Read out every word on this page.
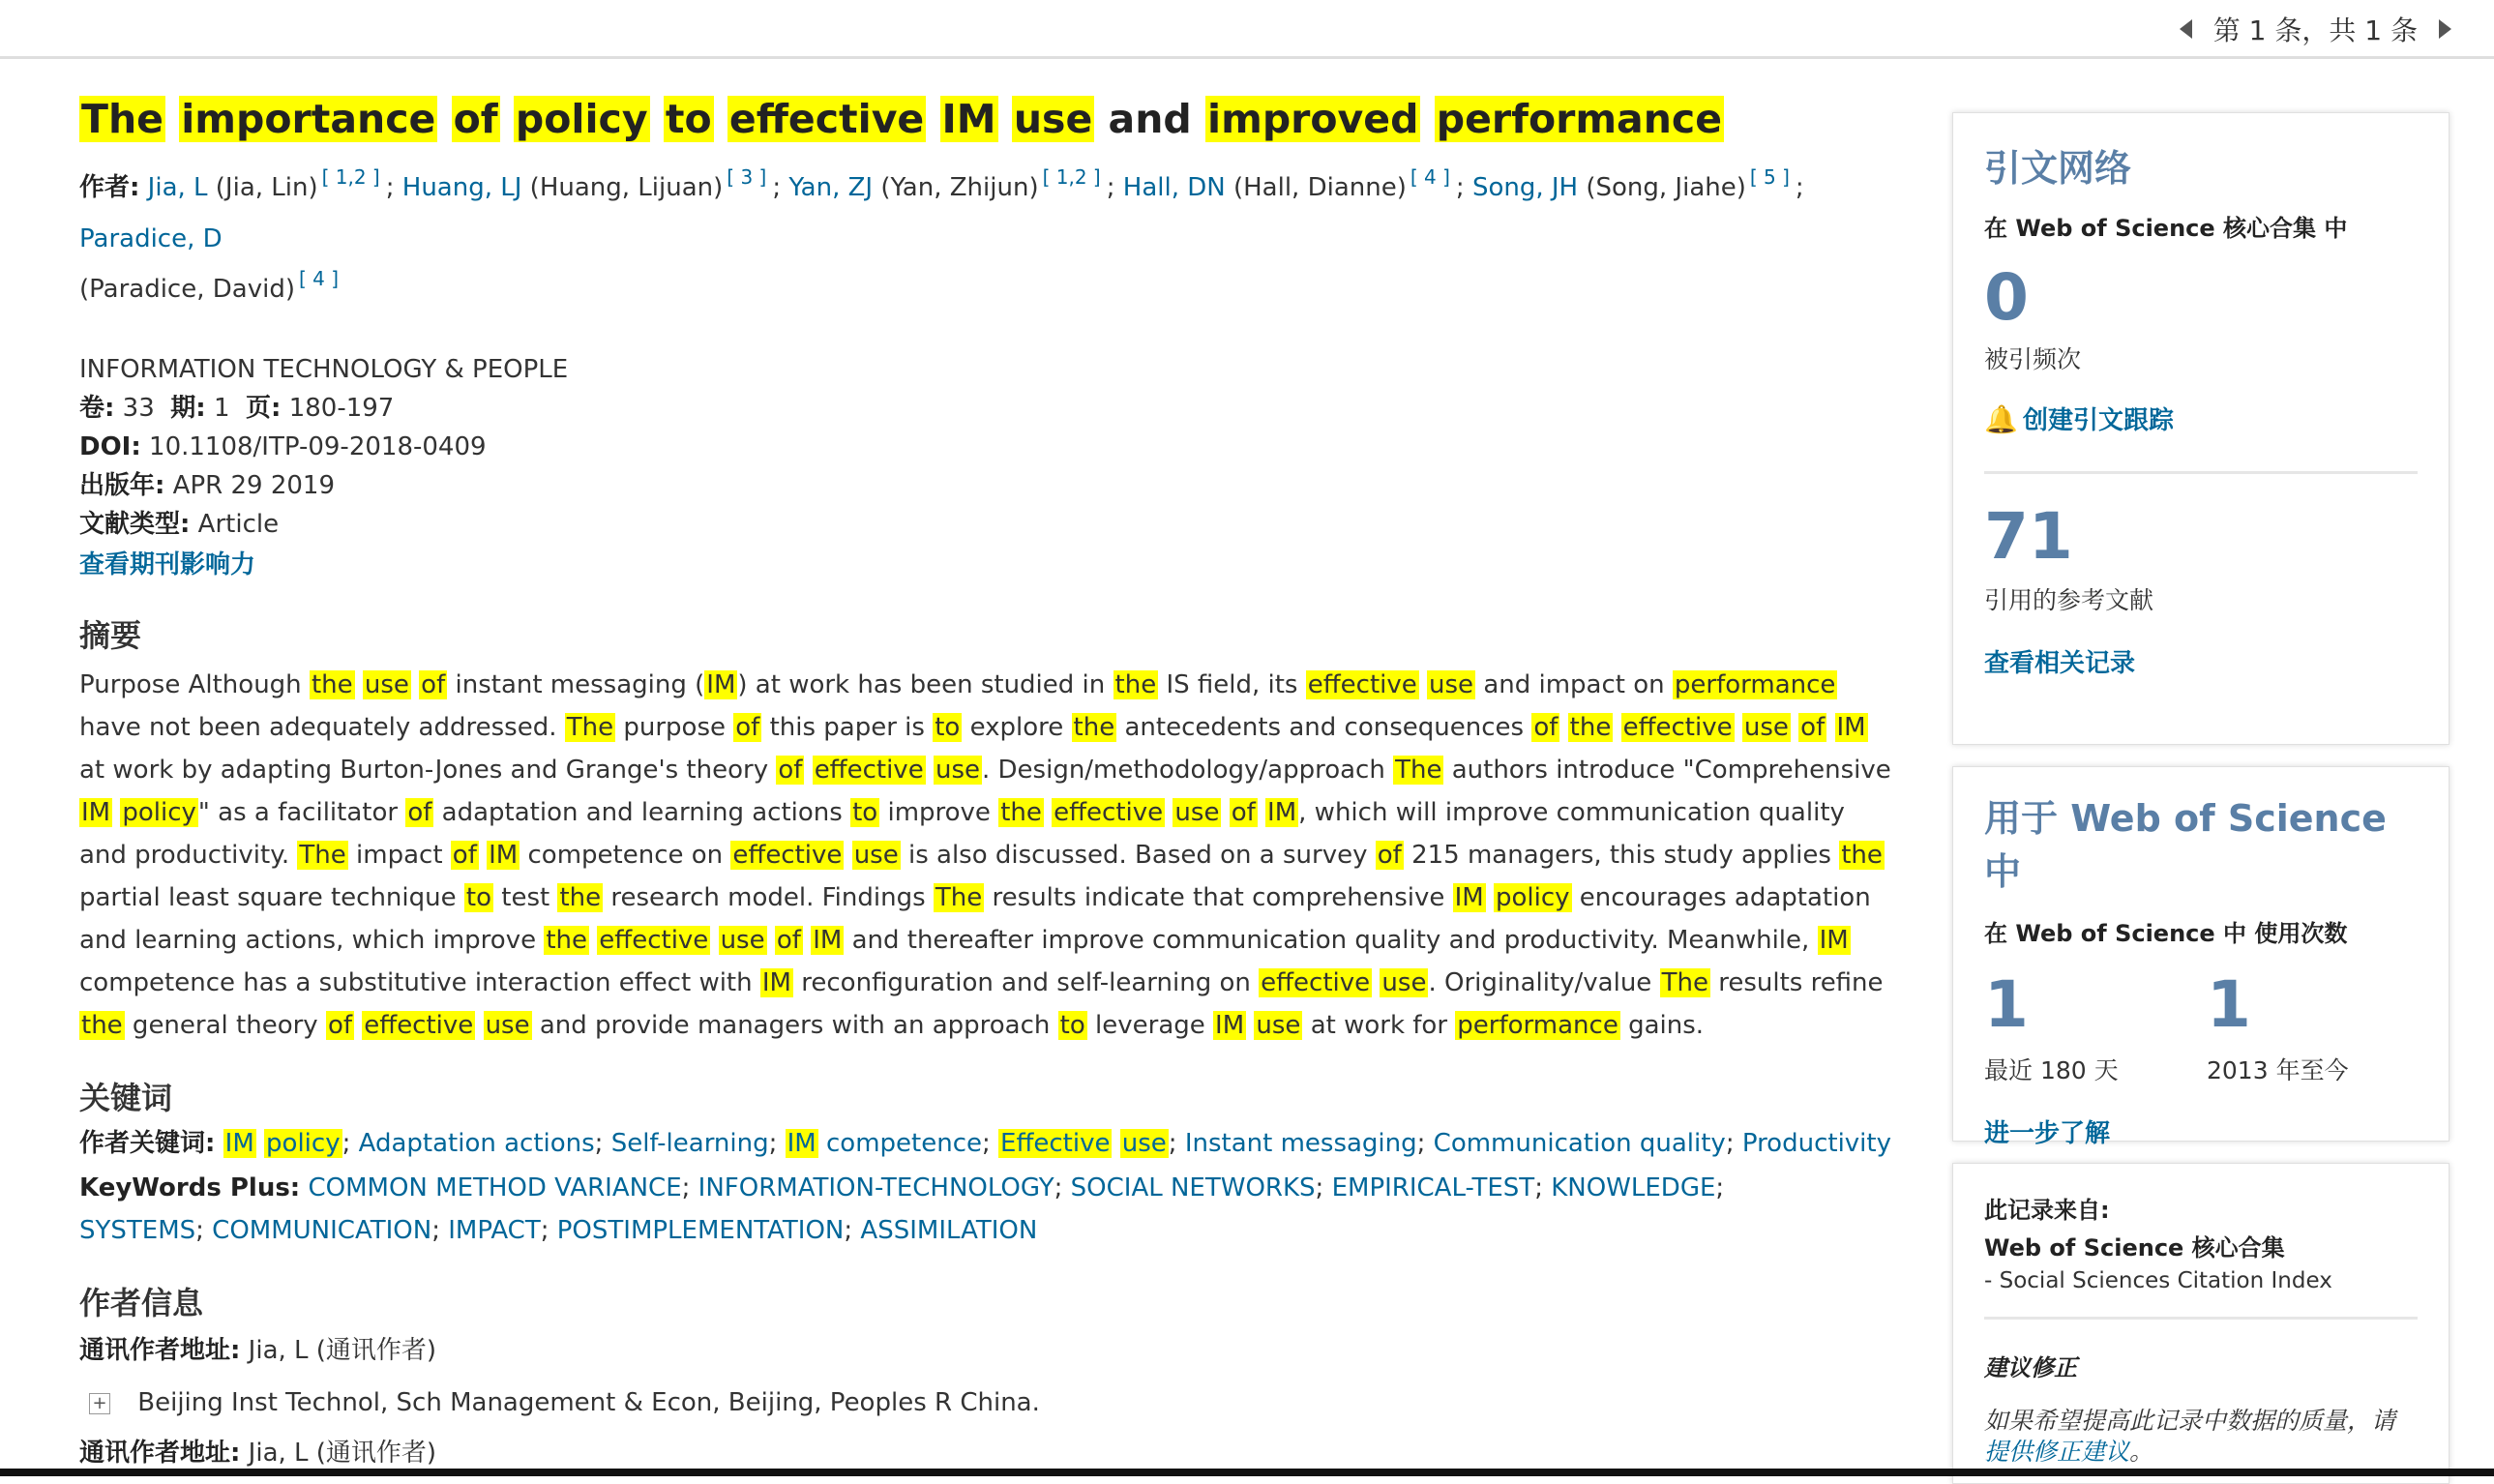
第 1 条，共 1 条
The importance of policy to effective IM use and improved performance
作者: Jia, L (Jia, Lin) [ 1,2 ] ; Huang, LJ (Huang, Lijuan) [ 3 ] ; Yan, ZJ (Yan, Zhijun) [ 1,2 ] ; Hall, DN (Hall, Dianne) [ 4 ] ; Song, JH (Song, Jiahe) [ 5 ] ; Paradice, D
(Paradice, David) [ 4 ]
INFORMATION TECHNOLOGY & PEOPLE
卷: 33 期: 1 页: 180-197
DOI: 10.1108/ITP-09-2018-0409
出版年: APR 29 2019
文献类型: Article
查看期刊影响力
摘要
Purpose Although the use of instant messaging (IM) at work has been studied in the IS field, its effective use and impact on performance have not been adequately addressed. The purpose of this paper is to explore the antecedents and consequences of the effective use of IM at work by adapting Burton-Jones and Grange's theory of effective use. Design/methodology/approach The authors introduce "Comprehensive IM policy" as a facilitator of adaptation and learning actions to improve the effective use of IM, which will improve communication quality and productivity. The impact of IM competence on effective use is also discussed. Based on a survey of 215 managers, this study applies the partial least square technique to test the research model. Findings The results indicate that comprehensive IM policy encourages adaptation and learning actions, which improve the effective use of IM and thereafter improve communication quality and productivity. Meanwhile, IM competence has a substitutive interaction effect with IM reconfiguration and self-learning on effective use. Originality/value The results refine the general theory of effective use and provide managers with an approach to leverage IM use at work for performance gains.
关键词
作者关键词: IM policy; Adaptation actions; Self-learning; IM competence; Effective use; Instant messaging; Communication quality; Productivity
KeyWords Plus: COMMON METHOD VARIANCE; INFORMATION-TECHNOLOGY; SOCIAL NETWORKS; EMPIRICAL-TEST; KNOWLEDGE; SYSTEMS; COMMUNICATION; IMPACT; POSTIMPLEMENTATION; ASSIMILATION
作者信息
通讯作者地址: Jia, L (通讯作者)
+ Beijing Inst Technol, Sch Management & Econ, Beijing, Peoples R China.
通讯作者地址: Jia, L (通讯作者)
引文网络
在 Web of Science 核心合集 中
0
被引频次
🔔 创建引文跟踪
71
引用的参考文献
查看相关记录
用于 Web of Science 中
在 Web of Science 中 使用次数
1
最近 180 天
1
2013 年至今
进一步了解
此记录来自:
Web of Science 核心合集
- Social Sciences Citation Index
建议修正
如果希望提高此记录中数据的质量，请提供修正建议。
